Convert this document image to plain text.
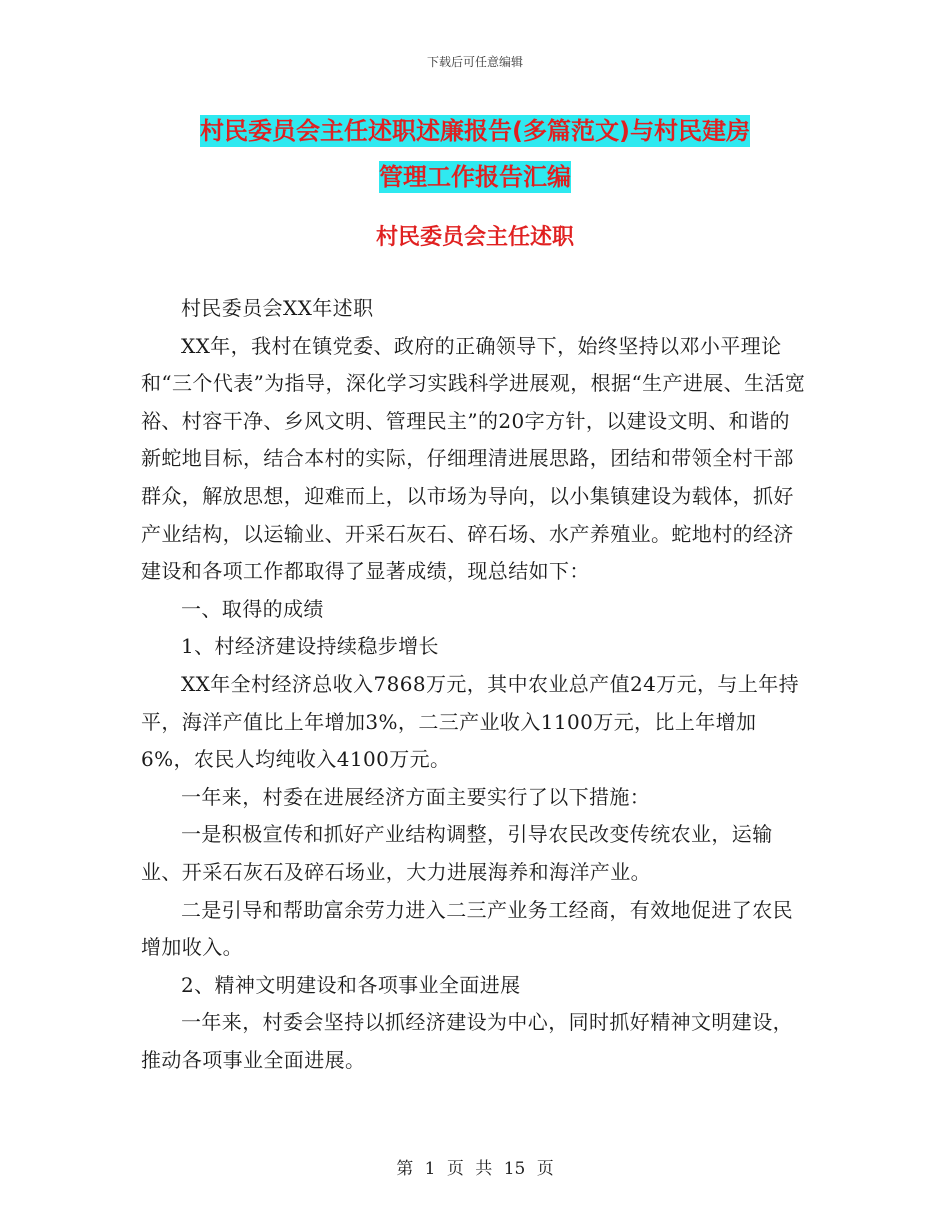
下载后可任意编辑
村民委员会主任述职述廉报告(多篇范文)与村民建房
管理工作报告汇编
村民委员会主任述职

村民委员会XX年述职

XX年，我村在镇党委、政府的正确领导下，始终坚持以邓小平理论和“三个代表”为指导，深化学习实践科学进展观，根据“生产进展、生活宽裕、村容干净、乡风文明、管理民主”的20字方针，以建设文明、和谐的新蛇地目标，结合本村的实际，仔细理清进展思路，团结和带领全村干部群众，解放思想，迎难而上，以市场为导向，以小集镇建设为载体，抓好产业结构，以运输业、开采石灰石、碎石场、水产养殖业。蛇地村的经济建设和各项工作都取得了显著成绩，现总结如下：

一、取得的成绩

1、村经济建设持续稳步增长

XX年全村经济总收入7868万元，其中农业总产值24万元，与上年持平，海洋产值比上年增加3%，二三产业收入1100万元，比上年增加6%，农民人均纯收入4100万元。

一年来，村委在进展经济方面主要实行了以下措施：

一是积极宣传和抓好产业结构调整，引导农民改变传统农业，运输业、开采石灰石及碎石场业，大力进展海养和海洋产业。

二是引导和帮助富余劳力进入二三产业务工经商，有效地促进了农民增加收入。

2、精神文明建设和各项事业全面进展

一年来，村委会坚持以抓经济建设为中心，同时抓好精神文明建设，推动各项事业全面进展。

第 1 页 共 15 页
